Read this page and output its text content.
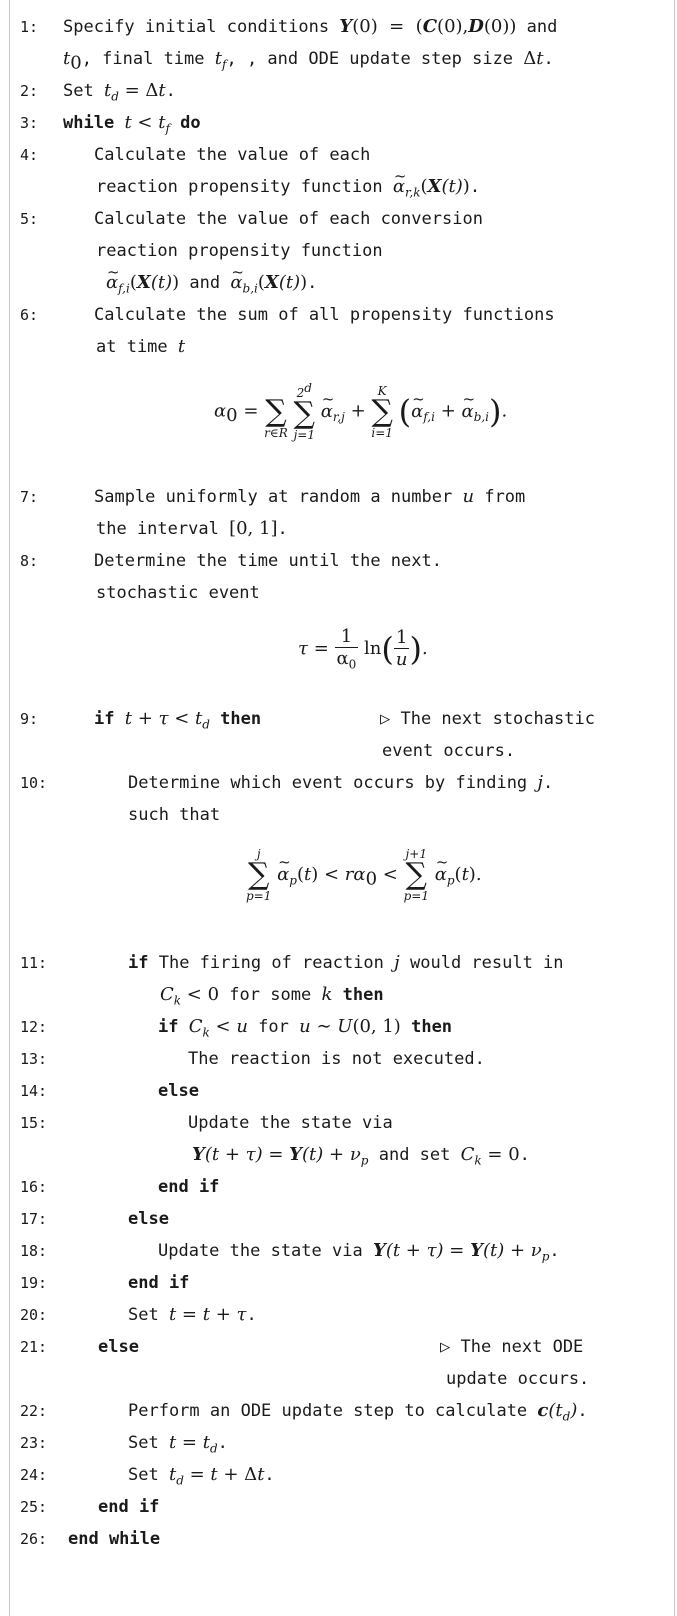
1: Specify initial conditions Y(0)  =  (C(0),D(0)) and
$t_0$, final time $t_f$, , and ODE update step size Δt.
2: Set $t_d = \Delta t$.
3: while $t < t_f$ do
4:	Calculate the value of each
reaction propensity function ~ $\alpha_{r,k}(X(t))$.
5:	Calculate the value of each conversion
reaction propensity function
~ $\alpha_{f,i}(X(t))$ and ~ $\alpha_{b,i}(X(t))$.
6:	Calculate the sum of all propensity functions
at time t
$\alpha_0$ =
∑
r∈R

2$^d$
∑
j=1
~ $\alpha_{r,j}$ +
K
∑
i=1
(~ $\alpha_{f,i}$ + ~ $\alpha_{b,i}$).
7:	Sample uniformly at random a number u from
the interval [0, 1].
8:	Determine the time until the next.
stochastic event
$\tau = \frac{1}{\alpha_0} \ln( \frac{1}{u}$ ).
9:	if $t + \tau < t_d$ then	▷ The next stochastic
event occurs.
10:	Determine which event occurs by finding j.
such that
j
∑
p=1
~ $\alpha_p(t) < r\alpha_0$ <
j+1
∑
p=1
~ $\alpha_p(t)$.
11:	if The firing of reaction j would result in
$C_k < 0$ for some k then
12:	if $C_k < u$ for u ∼ U(0, 1) then
13:	The reaction is not executed.
14:	else
15:	Update the state via
$Y(t + \tau) = Y(t) + \nu_p$ and set $C_k = 0$.
16:	end if
17:	else
18:	Update the state via $Y(t + \tau) = Y(t) + \nu_p$.
19:	end if
20:	Set t = t + τ.
21:	else	▷ The next ODE
update occurs.
22:	Perform an ODE update step to calculate $c(t_d)$.
23:	Set $t = t_d$.
24:	Set $t_d = t + \Delta t$.
25:	end if
26: end while
